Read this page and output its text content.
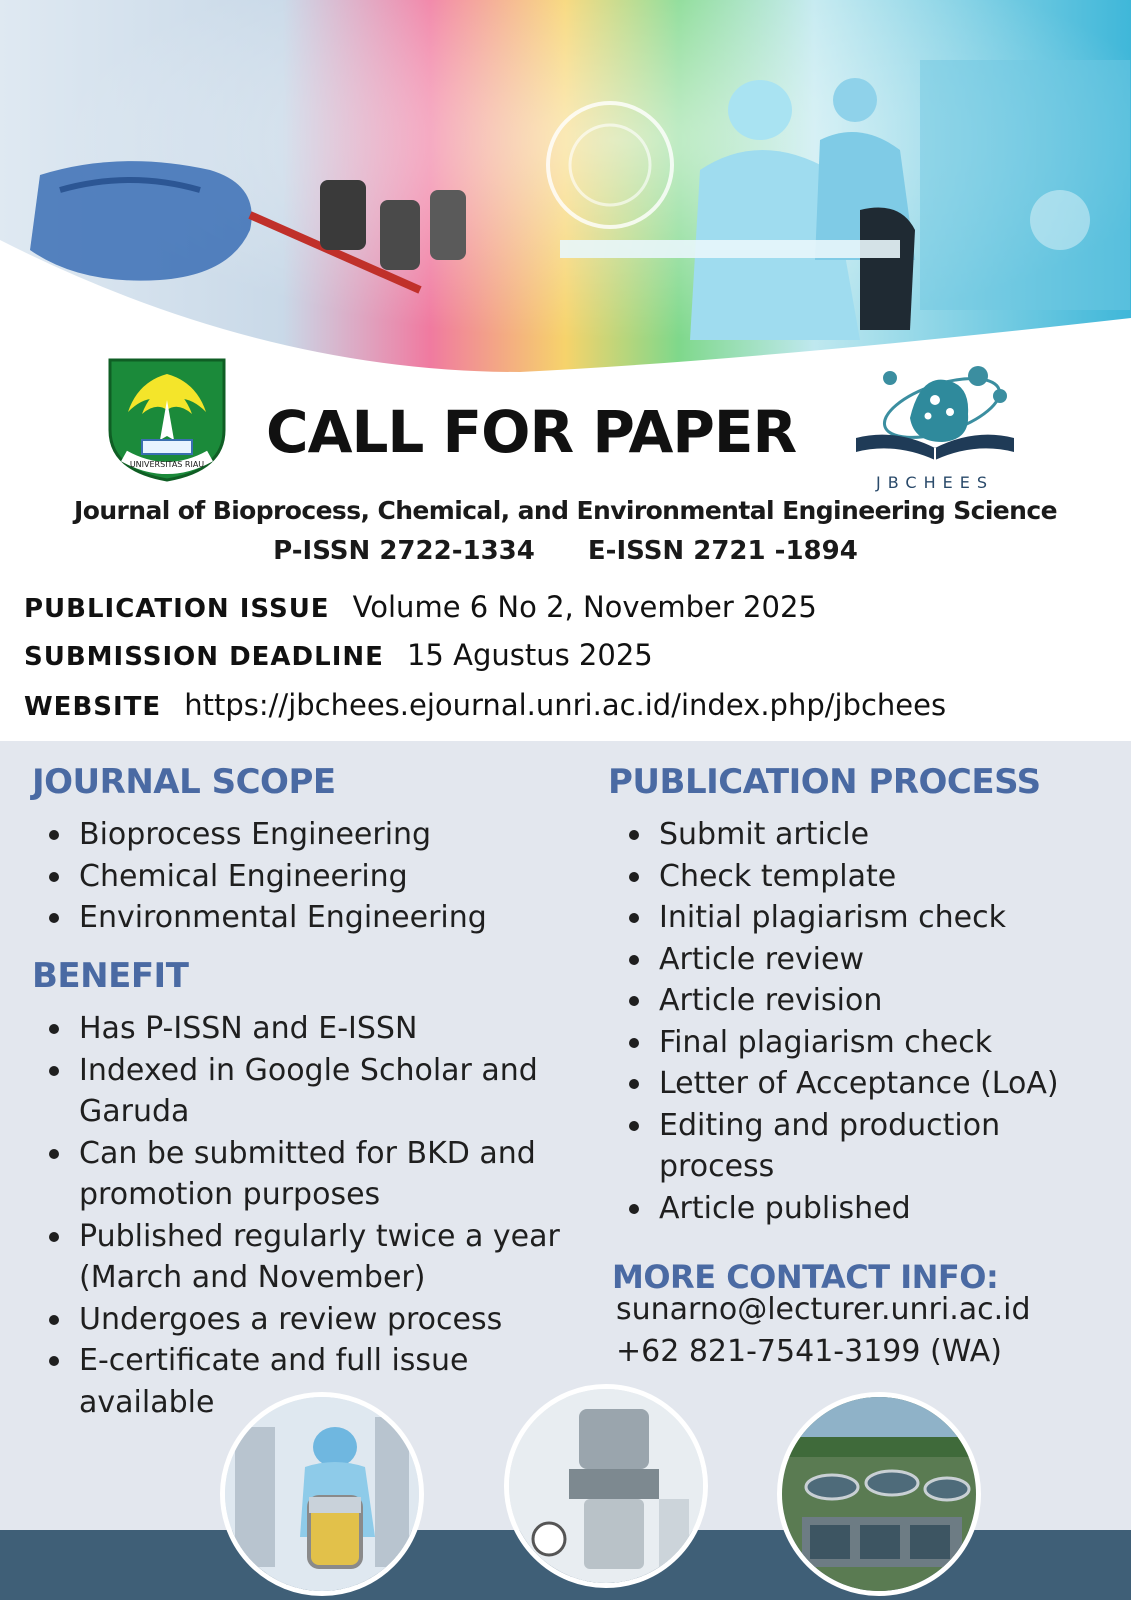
UNIVERSITAS RIAU CALL FOR PAPER
JBCHEES
Journal of Bioprocess, Chemical, and Environmental Engineering Science
P-ISSN 2722-1334 E-ISSN 2721 -1894
PUBLICATION ISSUE Volume 6 No 2, November 2025
SUBMISSION DEADLINE 15 Agustus 2025
WEBSITE https://jbchees.ejournal.unri.ac.id/index.php/jbchees
JOURNAL SCOPE
Bioprocess Engineering
Chemical Engineering
Environmental Engineering
BENEFIT
Has P-ISSN and E-ISSN
Indexed in Google Scholar and Garuda
Can be submitted for BKD and promotion purposes
Published regularly twice a year (March and November)
Undergoes a review process
E-certificate and full issue available
PUBLICATION PROCESS
Submit article
Check template
Initial plagiarism check
Article review
Article revision
Final plagiarism check
Letter of Acceptance (LoA)
Editing and production process
Article published
MORE CONTACT INFO:
sunarno@lecturer.unri.ac.id
+62 821-7541-3199 (WA)
